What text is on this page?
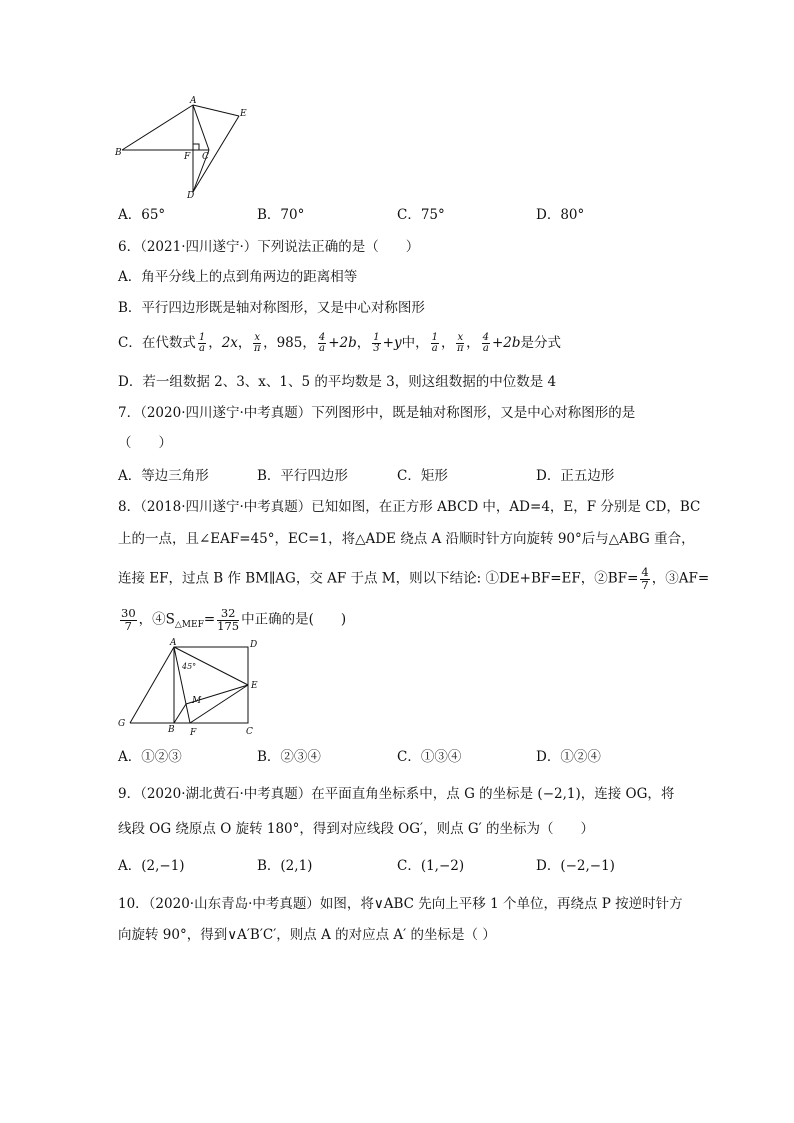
A
B	F C
E
D
A．65°	B．70°	C．75°	D．80°
6．（2021·四川遂宁·）下列说法正确的是（　　）
A．角平分线上的点到角两边的距离相等
B．平行四边形既是轴对称图形，又是中心对称图形
C．在代数式 $\frac{1}{a}$ ，2x， $\frac{x}{\pi}$ ，985， $\frac{4}{a} +2b$， $\frac{1}{3} +y$中， $\frac{1}{a}$ ， $\frac{x}{\pi}$ ， $\frac{4}{a} +2b$是分式
D．若一组数据 2、3、x、1、5 的平均数是 3，则这组数据的中位数是 4
7．（2020·四川遂宁·中考真题）下列图形中，既是轴对称图形，又是中心对称图形的是
（　　）
A．等边三角形	B．平行四边形	C．矩形	D．正五边形
8．（2018·四川遂宁·中考真题）已知如图，在正方形 ABCD 中，AD=4，E，F 分别是 CD，BC
上的一点，且∠EAF=45°，EC=1，将△ADE 绕点 A 沿顺时针方向旋转 90°后与△ABG 重合，
连接 EF，过点 B 作 BM∥AG，交 AF 于点 M，则以下结论: ①DE+BF=EF，②BF= $\frac{4}{7}$ ，③AF=
$\frac{30}{7}$ ，$④S_{\triangle MEF}= \frac{32}{175}$ 中正确的是(　　)
A	D
E
C
B F
G
M
45°
A．①②③	B．②③④	C．①③④	D．①②④
9．（2020·湖北黄石·中考真题）在平面直角坐标系中，点 G 的坐标是 (−2,1)，连接 OG，将
线段 OG 绕原点 O 旋转 180°，得到对应线段 OG′，则点 G′ 的坐标为（　　）
A．(2,−1)	B．(2,1)	C．(1,−2)	D．(−2,−1)
10．（2020·山东青岛·中考真题）如图，将∨ABC 先向上平移 1 个单位，再绕点 P 按逆时针方
向旋转 90°，得到∨A′B′C′，则点 A 的对应点 A′ 的坐标是（ ）
